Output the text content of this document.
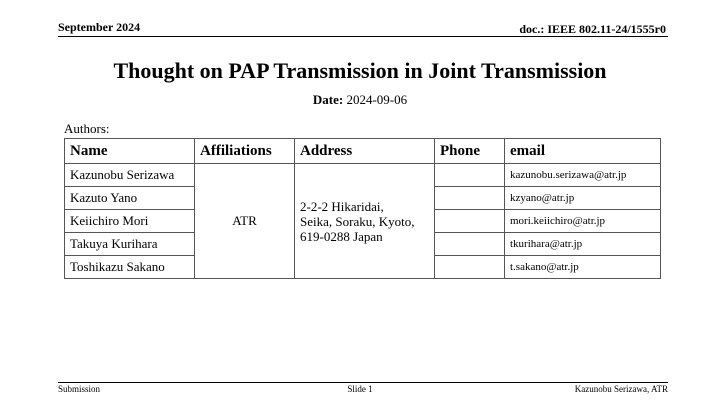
September 2024	doc.: IEEE 802.11-24/1555r0
Thought on PAP Transmission in Joint Transmission
Date: 2024-09-06
Authors:
Name	Affiliations	Address	Phone	email
Kazunobu Serizawa	ATR	2-2-2 Hikaridai,
Seika, Soraku, Kyoto,
619-0288 Japan		kazunobu.serizawa@atr.jp
Kazuto Yano				kzyano@atr.jp
Keiichiro Mori				mori.keiichiro@atr.jp
Takuya Kurihara				tkurihara@atr.jp
Toshikazu Sakano				t.sakano@atr.jp
Submission	Slide 1	Kazunobu Serizawa, ATR
